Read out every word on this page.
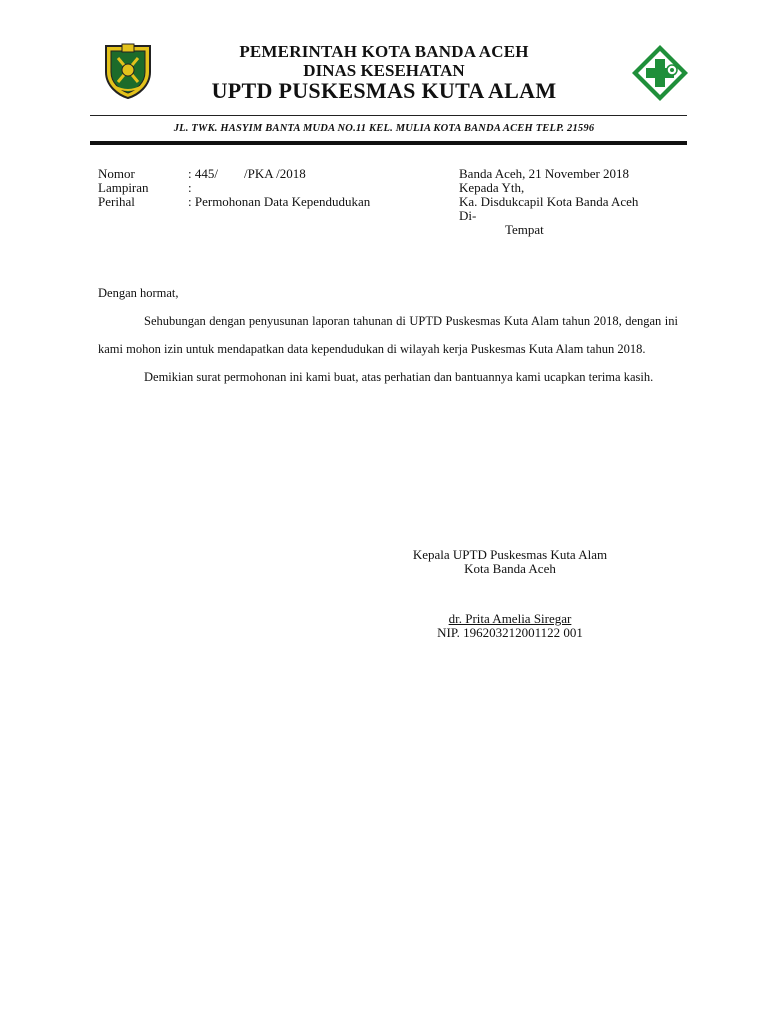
PEMERINTAH KOTA BANDA ACEH
DINAS KESEHATAN
UPTD PUSKESMAS KUTA ALAM
JL. TWK. HASYIM BANTA MUDA NO.11 KEL. MULIA KOTA BANDA ACEH TELP. 21596
Nomor	: 445/        /PKA /2018
Lampiran	:
Perihal	: Permohonan Data Kependudukan
Banda Aceh, 21 November 2018
Kepada Yth,
Ka. Disdukcapil Kota Banda Aceh
Di-
Tempat

Dengan hormat,

Sehubungan dengan penyusunan laporan tahunan di UPTD Puskesmas Kuta Alam tahun 2018, dengan ini kami mohon izin untuk mendapatkan data kependudukan di wilayah kerja Puskesmas Kuta Alam tahun 2018.

Demikian surat permohonan ini kami buat, atas perhatian dan bantuannya kami ucapkan terima kasih.

Kepala UPTD Puskesmas Kuta Alam
Kota Banda Aceh
dr. Prita Amelia Siregar
NIP. 196203212001122 001
